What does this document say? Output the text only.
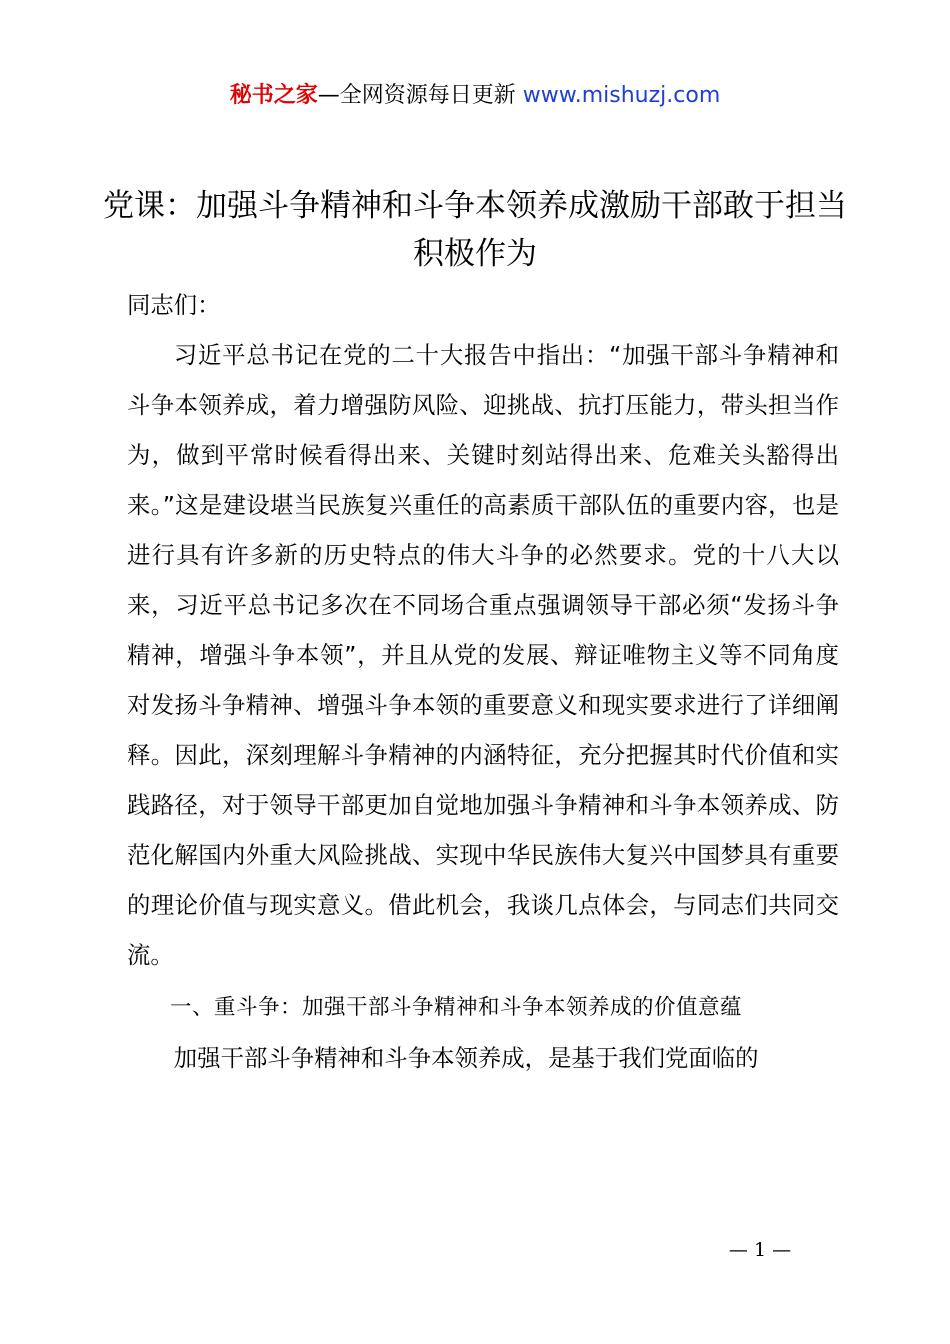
秘书之家—全网资源每日更新 www.mishuzj.com
党课：加强斗争精神和斗争本领养成激励干部敢于担当积极作为

同志们：

习近平总书记在党的二十大报告中指出：“加强干部斗争精神和斗争本领养成，着力增强防风险、迎挑战、抗打压能力，带头担当作为，做到平常时候看得出来、关键时刻站得出来、危难关头豁得出来。”这是建设堪当民族复兴重任的高素质干部队伍的重要内容，也是进行具有许多新的历史特点的伟大斗争的必然要求。党的十八大以来，习近平总书记多次在不同场合重点强调领导干部必须“发扬斗争精神，增强斗争本领”，并且从党的发展、辩证唯物主义等不同角度对发扬斗争精神、增强斗争本领的重要意义和现实要求进行了详细阐释。因此，深刻理解斗争精神的内涵特征，充分把握其时代价值和实践路径，对于领导干部更加自觉地加强斗争精神和斗争本领养成、防范化解国内外重大风险挑战、实现中华民族伟大复兴中国梦具有重要的理论价值与现实意义。借此机会，我谈几点体会，与同志们共同交流。

一、重斗争：加强干部斗争精神和斗争本领养成的价值意蕴

加强干部斗争精神和斗争本领养成，是基于我们党面临的

— 1 —
